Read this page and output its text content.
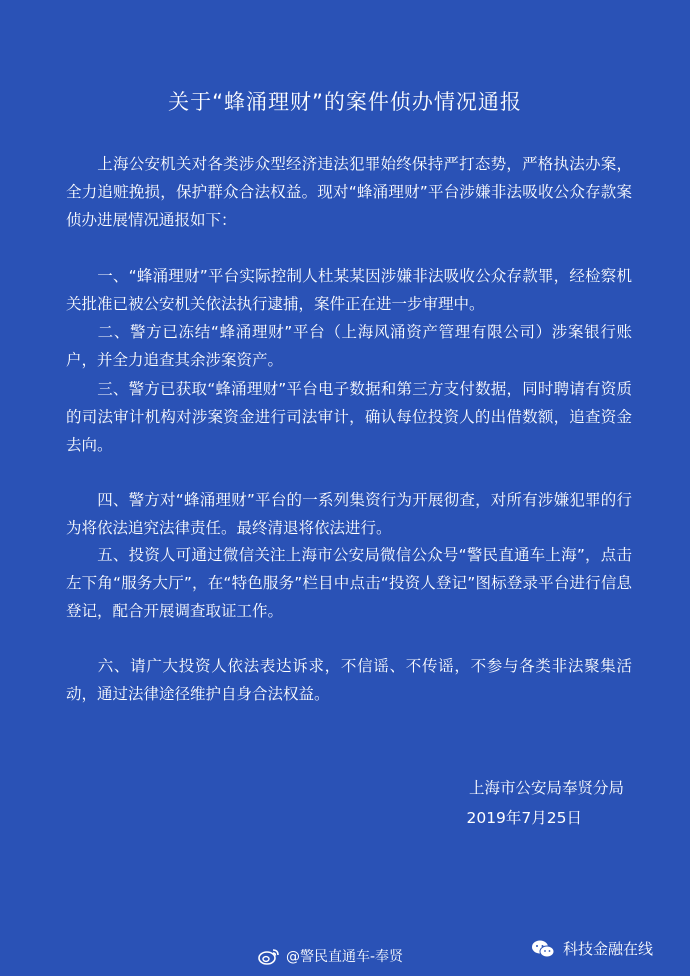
关于“蜂涌理财”的案件侦办情况通报
上海公安机关对各类涉众型经济违法犯罪始终保持严打态势，严格执法办案，全力追赃挽损，保护群众合法权益。现对“蜂涌理财”平台涉嫌非法吸收公众存款案侦办进展情况通报如下：
一、“蜂涌理财”平台实际控制人杜某某因涉嫌非法吸收公众存款罪，经检察机关批准已被公安机关依法执行逮捕，案件正在进一步审理中。
二、警方已冻结“蜂涌理财”平台（上海风涌资产管理有限公司）涉案银行账户，并全力追查其余涉案资产。
三、警方已获取“蜂涌理财”平台电子数据和第三方支付数据，同时聘请有资质的司法审计机构对涉案资金进行司法审计，确认每位投资人的出借数额，追查资金去向。
四、警方对“蜂涌理财”平台的一系列集资行为开展彻查，对所有涉嫌犯罪的行为将依法追究法律责任。最终清退将依法进行。
五、投资人可通过微信关注上海市公安局微信公众号“警民直通车上海”，点击左下角“服务大厅”，在“特色服务”栏目中点击“投资人登记”图标登录平台进行信息登记，配合开展调查取证工作。
六、请广大投资人依法表达诉求，不信谣、不传谣，不参与各类非法聚集活动，通过法律途径维护自身合法权益。
上海市公安局奉贤分局
2019年7月25日
@警民直通车-奉贤	科技金融在线
